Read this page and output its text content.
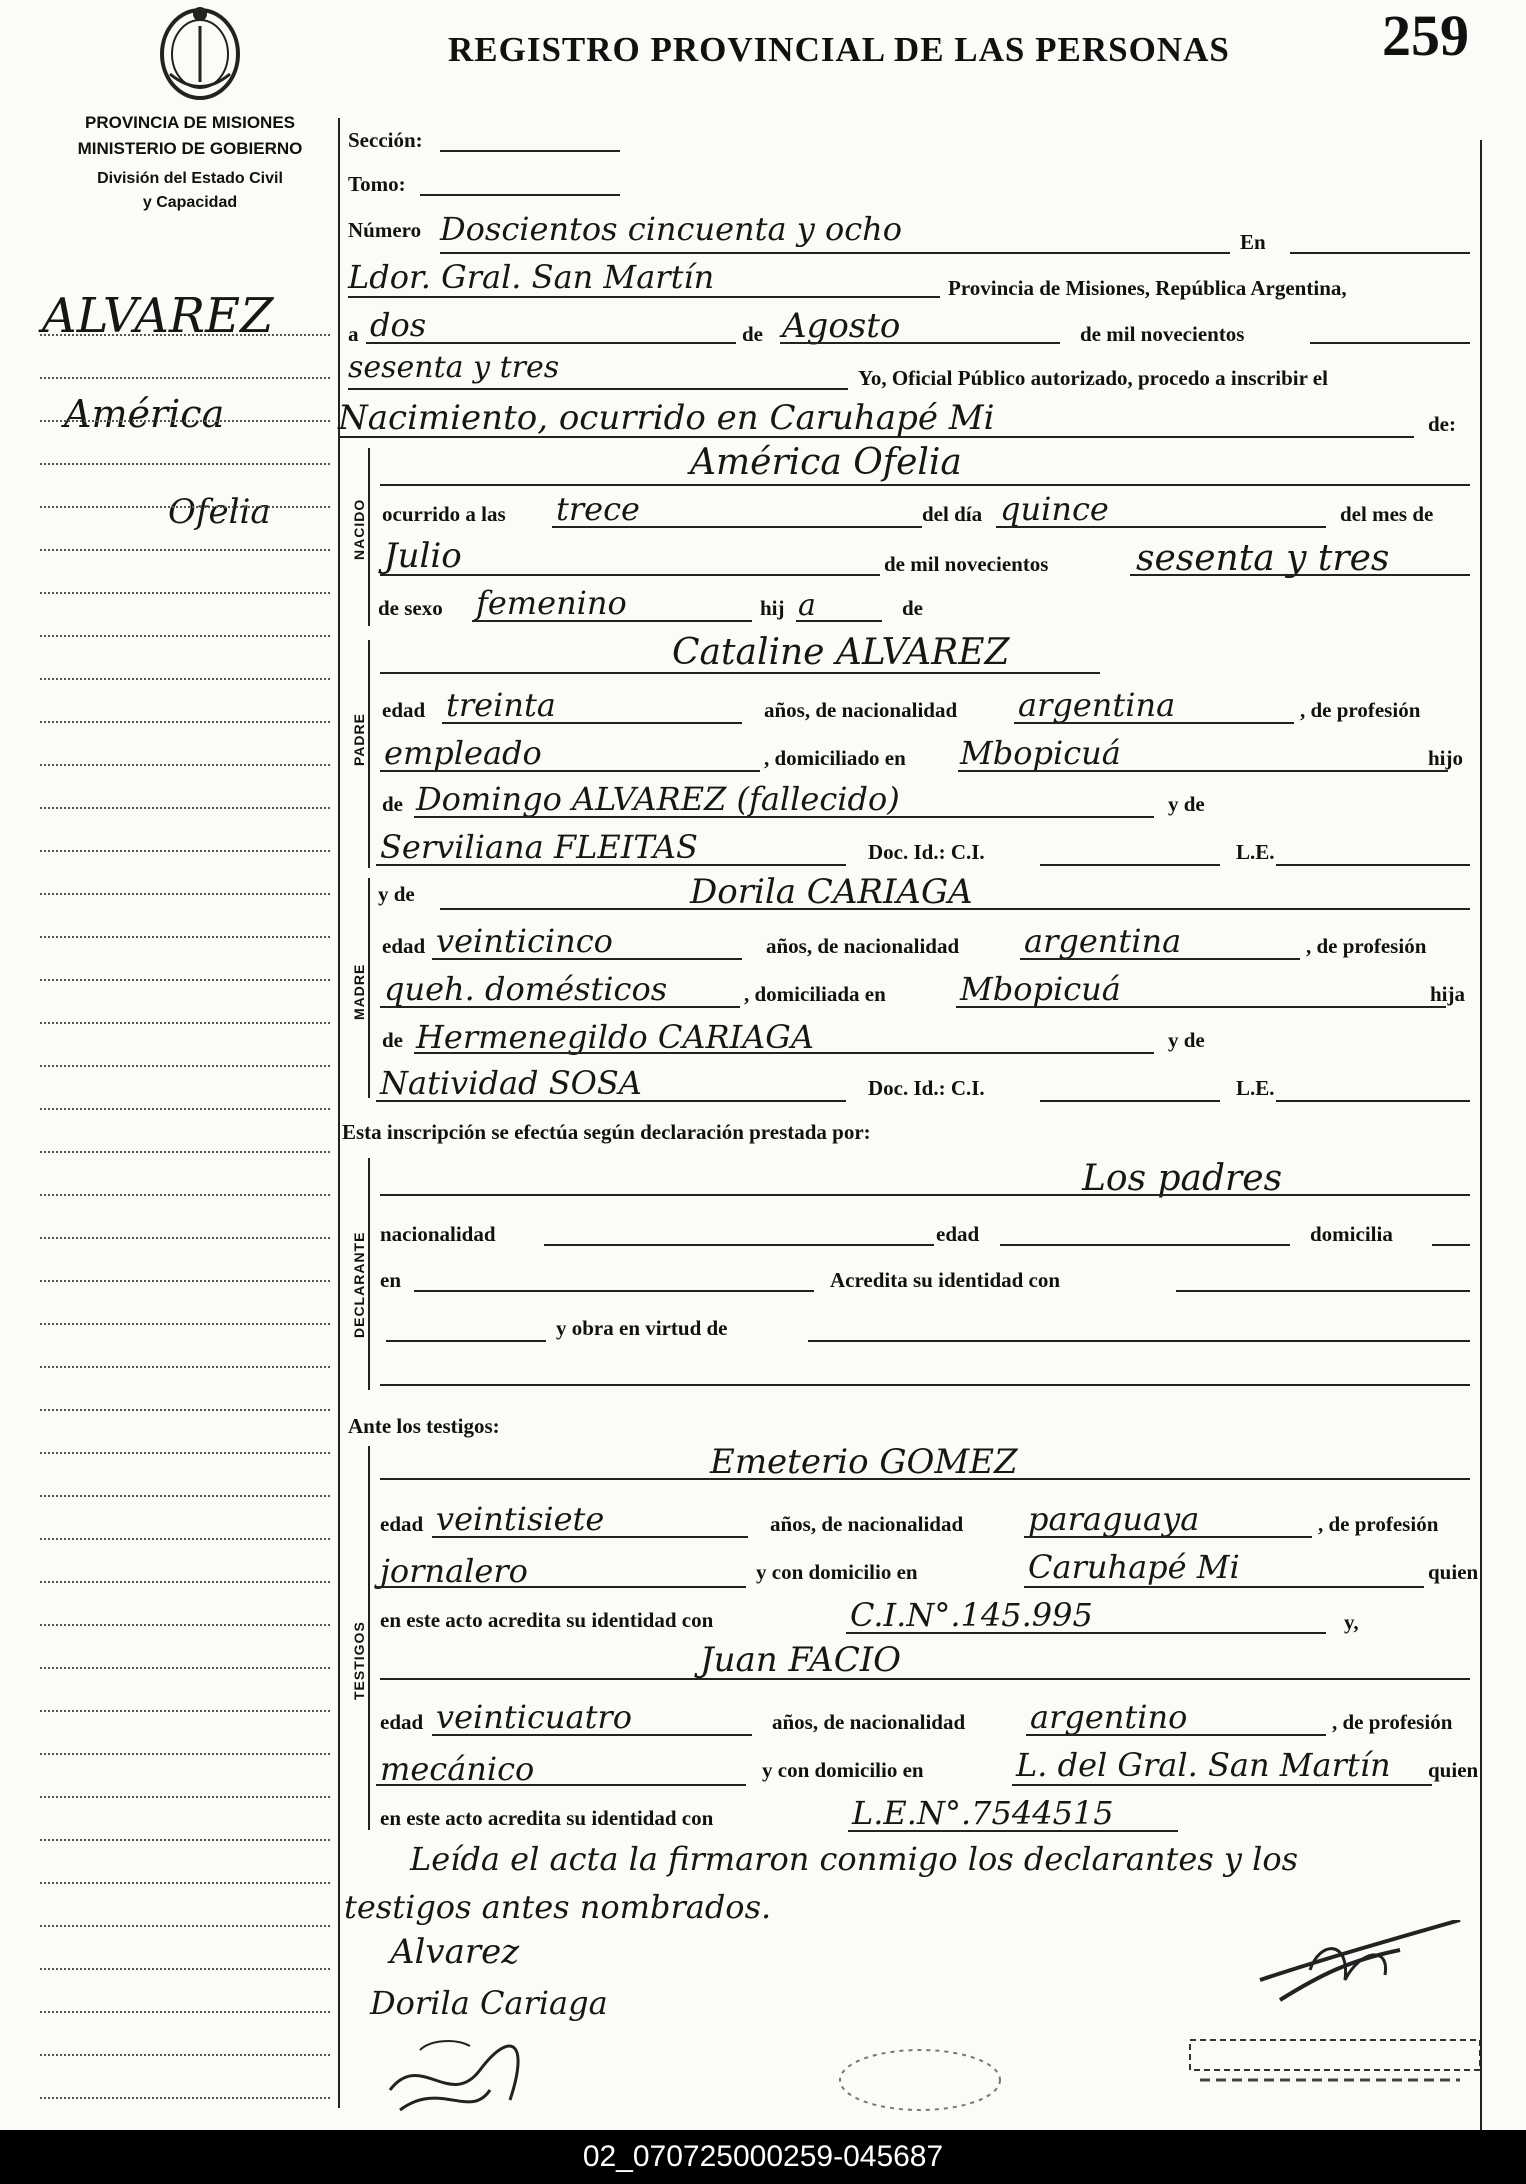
REGISTRO PROVINCIAL DE LAS PERSONAS	259
PROVINCIA DE MISIONES
MINISTERIO DE GOBIERNO
División del Estado Civil
y Capacidad
ALVAREZ
América
Ofelia	NACIDO
PADRE
MADRE
DECLARANTE
TESTIGOS
Sección:
Tomo:
Número Doscientos cincuenta y ocho	En
Ldor. Gral. San Martín	Provincia de Misiones, República Argentina,
a dos	de Agosto	de mil novecientos
sesenta y tres	Yo, Oficial Público autorizado, procedo a inscribir el
Nacimiento, ocurrido en Caruhapé Mi	de:
América Ofelia
ocurrido a las trece	del día quince	del mes de
Julio	de mil novecientos sesenta y tres
de sexo femenino	hij a	de
Cataline ALVAREZ
edad treinta	años, de nacionalidad argentina	, de profesión
empleado	, domiciliado en Mbopicuá	hijo
de Domingo ALVAREZ (fallecido)	y de
Serviliana FLEITAS	Doc. Id.: C.I.	L.E.
y de	Dorila CARIAGA
edad veinticinco	años, de nacionalidad argentina	, de profesión
queh. domésticos	, domiciliada en Mbopicuá	hija
de Hermenegildo CARIAGA	y de
Natividad SOSA	Doc. Id.: C.I.	L.E.
Esta inscripción se efectúa según declaración prestada por:
Los padres
nacionalidad	edad	domicilia
en	Acredita su identidad con
y obra en virtud de
Ante los testigos:
Emeterio GOMEZ
edad veintisiete	años, de nacionalidad paraguaya	, de profesión
jornalero	y con domicilio en	Caruhapé Mi	quien
en este acto acredita su identidad con	C.I.N°.145.995	y,
Juan FACIO
edad veinticuatro	años, de nacionalidad argentino	, de profesión
mecánico	y con domicilio en	L. del Gral. San Martín quien
en este acto acredita su identidad con	L.E.N°.7544515
Leída el acta la firmaron conmigo los declarantes y los
testigos antes nombrados.
Alvarez
Dorila Cariaga
02_070725000259-045687
